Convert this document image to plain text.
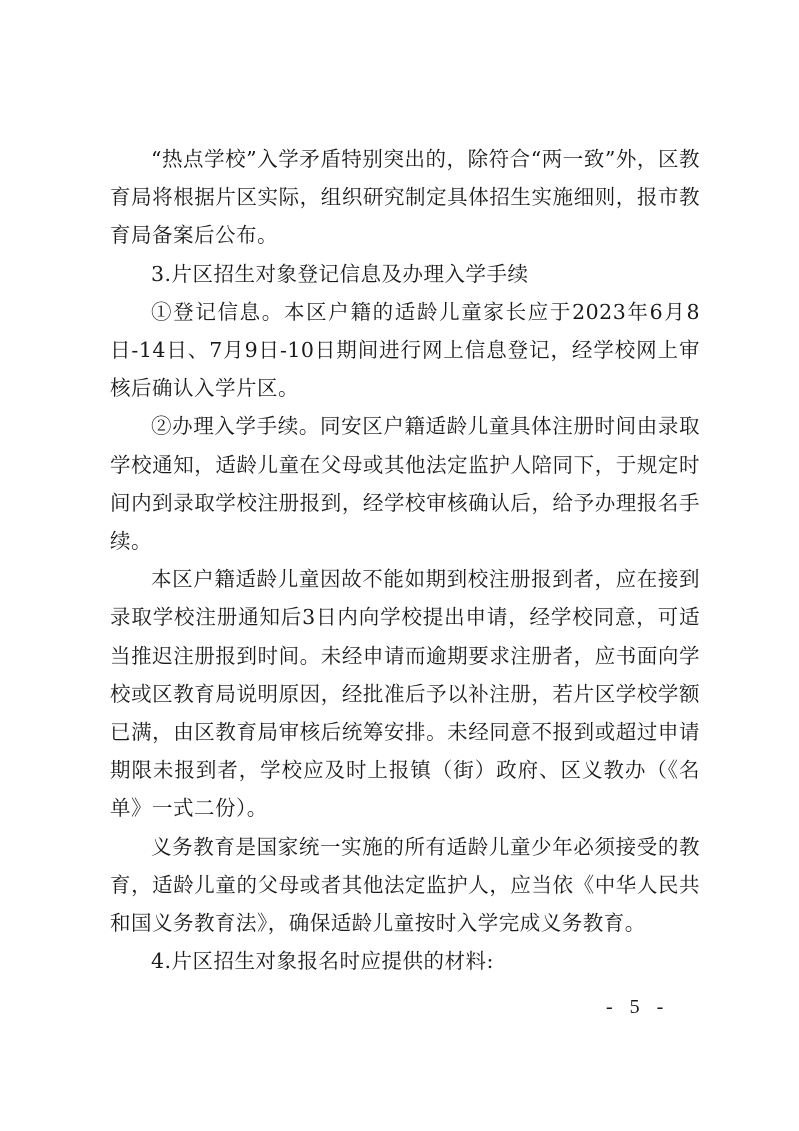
“热点学校”入学矛盾特别突出的，除符合“两一致”外，区教育局将根据片区实际，组织研究制定具体招生实施细则，报市教育局备案后公布。

3.片区招生对象登记信息及办理入学手续

①登记信息。本区户籍的适龄儿童家长应于2023年6月8日-14日、7月9日-10日期间进行网上信息登记，经学校网上审核后确认入学片区。

②办理入学手续。同安区户籍适龄儿童具体注册时间由录取学校通知，适龄儿童在父母或其他法定监护人陪同下，于规定时间内到录取学校注册报到，经学校审核确认后，给予办理报名手续。

本区户籍适龄儿童因故不能如期到校注册报到者，应在接到录取学校注册通知后3日内向学校提出申请，经学校同意，可适当推迟注册报到时间。未经申请而逾期要求注册者，应书面向学校或区教育局说明原因，经批准后予以补注册，若片区学校学额已满，由区教育局审核后统筹安排。未经同意不报到或超过申请期限未报到者，学校应及时上报镇（街）政府、区义教办（《名单》一式二份）。

义务教育是国家统一实施的所有适龄儿童少年必须接受的教育，适龄儿童的父母或者其他法定监护人，应当依《中华人民共和国义务教育法》，确保适龄儿童按时入学完成义务教育。

4.片区招生对象报名时应提供的材料:

- 5 -
